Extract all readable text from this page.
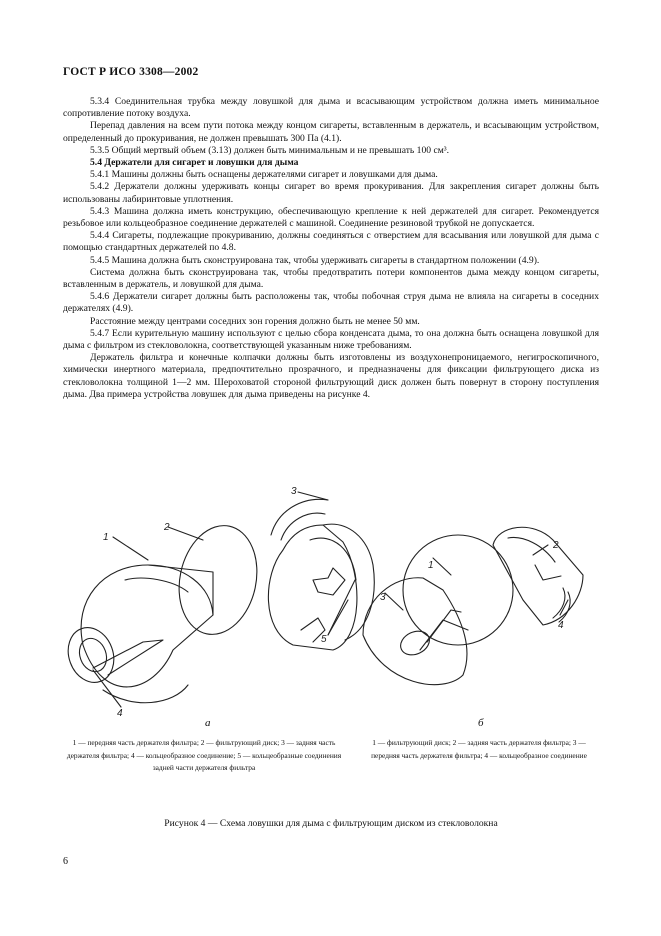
ГОСТ Р ИСО 3308—2002

5.3.4 Соединительная трубка между ловушкой для дыма и всасывающим устройством должна иметь минимальное сопротивление потоку воздуха.

Перепад давления на всем пути потока между концом сигареты, вставленным в держатель, и всасывающим устройством, определенный до прокуривания, не должен превышать 300 Па (4.1).

5.3.5 Общий мертвый объем (3.13) должен быть минимальным и не превышать 100 см³.

5.4 Держатели для сигарет и ловушки для дыма

5.4.1 Машины должны быть оснащены держателями сигарет и ловушками для дыма.

5.4.2 Держатели должны удерживать концы сигарет во время прокуривания. Для закрепления сигарет должны быть использованы лабиринтовые уплотнения.

5.4.3 Машина должна иметь конструкцию, обеспечивающую крепление к ней держателей для сигарет. Рекомендуется резьбовое или кольцеобразное соединение держателей с машиной. Соединение резиновой трубкой не допускается.

5.4.4 Сигареты, подлежащие прокуриванию, должны соединяться с отверстием для всасывания или ловушкой для дыма с помощью стандартных держателей по 4.8.

5.4.5 Машина должна быть сконструирована так, чтобы удерживать сигареты в стандартном положении (4.9).

Система должна быть сконструирована так, чтобы предотвратить потери компонентов дыма между концом сигареты, вставленным в держатель, и ловушкой для дыма.

5.4.6 Держатели сигарет должны быть расположены так, чтобы побочная струя дыма не влияла на сигареты в соседних держателях (4.9).

Расстояние между центрами соседних зон горения должно быть не менее 50 мм.

5.4.7 Если курительную машину используют с целью сбора конденсата дыма, то она должна быть оснащена ловушкой для дыма с фильтром из стекловолокна, соответствующей указанным ниже требованиям.

Держатель фильтра и конечные колпачки должны быть изготовлены из воздухонепроницаемого, негигроскопичного, химически инертного материала, предпочтительно прозрачного, и предназначены для фиксации фильтрующего диска из стекловолокна толщиной 1—2 мм. Шероховатой стороной фильтрующий диск должен быть повернут в сторону поступления дыма. Два примера устройства ловушек для дыма приведены на рисунке 4.

1
2
3
4
5
1
2
3
4
а	б
1 — передняя часть держателя фильтра; 2 — фильтрующий диск; 3 — задняя часть держателя фильтра; 4 — кольцеобразное соединение; 5 — кольцеобразные соединения задней части держателя фильтра
1 — фильтрующий диск; 2 — задняя часть держателя фильтра; 3 — передняя часть держателя фильтра; 4 — кольцеобразное соединение
Рисунок 4 — Схема ловушки для дыма с фильтрующим диском из стекловолокна
6
